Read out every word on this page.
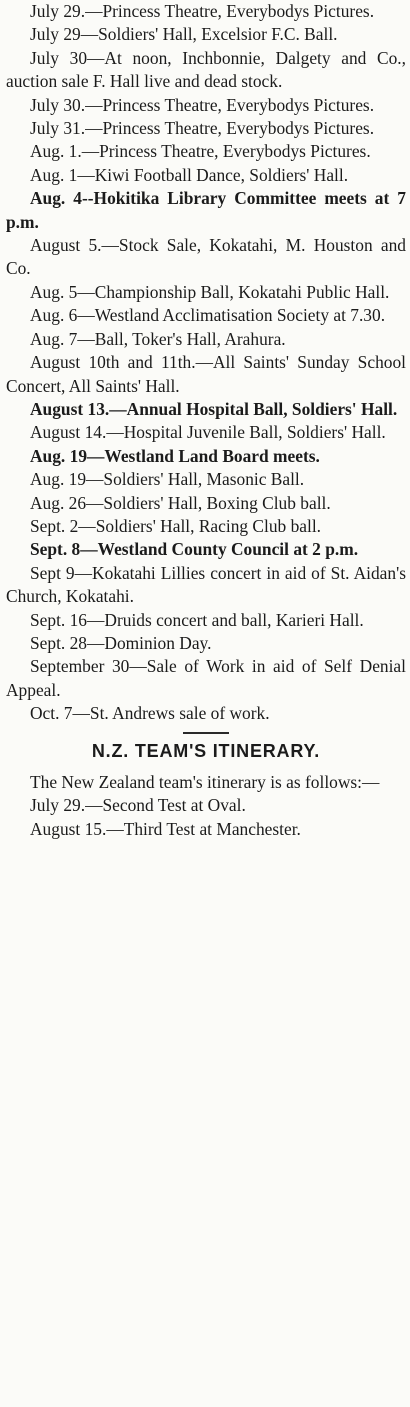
July 29.—Princess Theatre, Everybodys Pictures.

July 29—Soldiers' Hall, Excelsior F.C. Ball.

July 30—At noon, Inchbonnie, Dalgety and Co., auction sale F. Hall live and dead stock.

July 30.—Princess Theatre, Everybodys Pictures.

July 31.—Princess Theatre, Everybodys Pictures.

Aug. 1.—Princess Theatre, Everybodys Pictures.

Aug. 1—Kiwi Football Dance, Soldiers' Hall.

Aug. 4--Hokitika Library Committee meets at 7 p.m.

August 5.—Stock Sale, Kokatahi, M. Houston and Co.

Aug. 5—Championship Ball, Kokatahi Public Hall.

Aug. 6—Westland Acclimatisation Society at 7.30.

Aug. 7—Ball, Toker's Hall, Arahura.

August 10th and 11th.—All Saints' Sunday School Concert, All Saints' Hall.

August 13.—Annual Hospital Ball, Soldiers' Hall.

August 14.—Hospital Juvenile Ball, Soldiers' Hall.

Aug. 19—Westland Land Board meets.

Aug. 19—Soldiers' Hall, Masonic Ball.

Aug. 26—Soldiers' Hall, Boxing Club ball.

Sept. 2—Soldiers' Hall, Racing Club ball.

Sept. 8—Westland County Council at 2 p.m.

Sept 9—Kokatahi Lillies concert in aid of St. Aidan's Church, Kokatahi.

Sept. 16—Druids concert and ball, Karieri Hall.

Sept. 28—Dominion Day.

September 30—Sale of Work in aid of Self Denial Appeal.

Oct. 7—St. Andrews sale of work.

N.Z. TEAM'S ITINERARY.

The New Zealand team's itinerary is as follows:—

July 29.—Second Test at Oval.

August 15.—Third Test at Manchester.
